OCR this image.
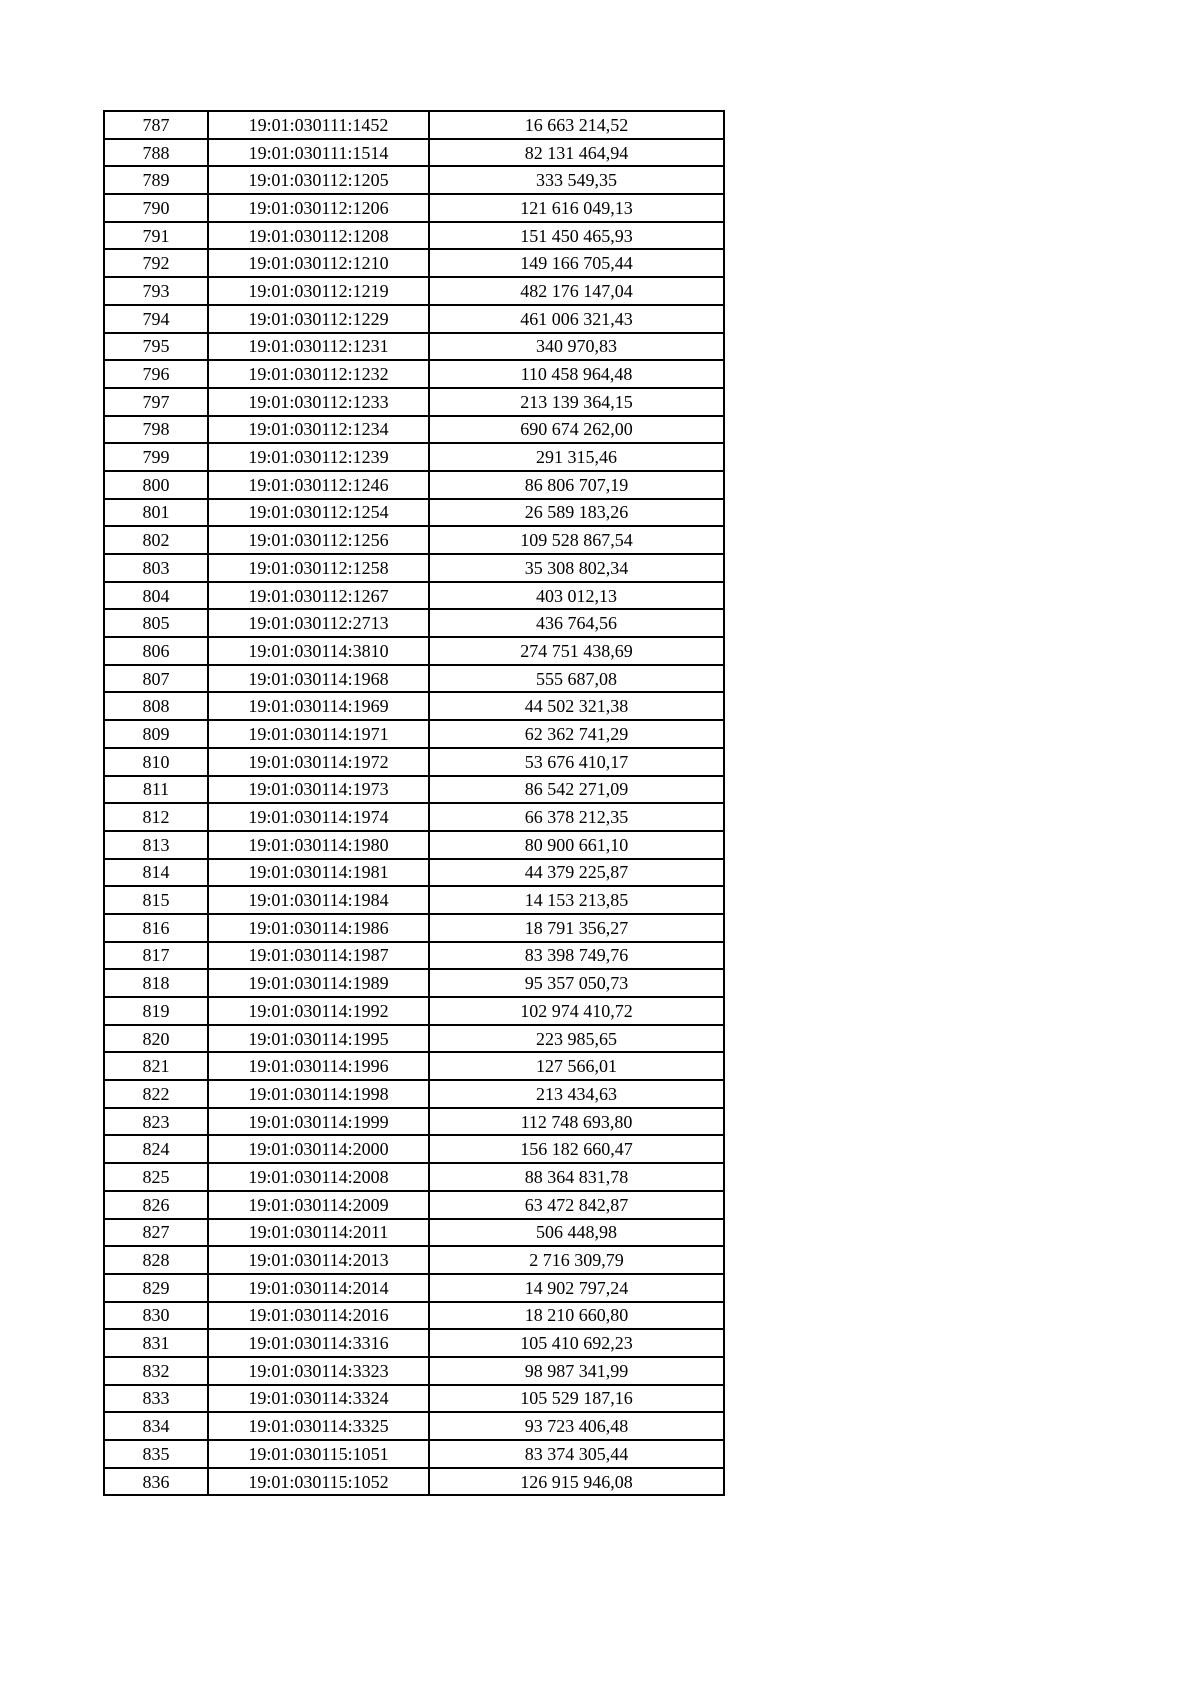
787	19:01:030111:1452	16 663 214,52
788	19:01:030111:1514	82 131 464,94
789	19:01:030112:1205	333 549,35
790	19:01:030112:1206	121 616 049,13
791	19:01:030112:1208	151 450 465,93
792	19:01:030112:1210	149 166 705,44
793	19:01:030112:1219	482 176 147,04
794	19:01:030112:1229	461 006 321,43
795	19:01:030112:1231	340 970,83
796	19:01:030112:1232	110 458 964,48
797	19:01:030112:1233	213 139 364,15
798	19:01:030112:1234	690 674 262,00
799	19:01:030112:1239	291 315,46
800	19:01:030112:1246	86 806 707,19
801	19:01:030112:1254	26 589 183,26
802	19:01:030112:1256	109 528 867,54
803	19:01:030112:1258	35 308 802,34
804	19:01:030112:1267	403 012,13
805	19:01:030112:2713	436 764,56
806	19:01:030114:3810	274 751 438,69
807	19:01:030114:1968	555 687,08
808	19:01:030114:1969	44 502 321,38
809	19:01:030114:1971	62 362 741,29
810	19:01:030114:1972	53 676 410,17
811	19:01:030114:1973	86 542 271,09
812	19:01:030114:1974	66 378 212,35
813	19:01:030114:1980	80 900 661,10
814	19:01:030114:1981	44 379 225,87
815	19:01:030114:1984	14 153 213,85
816	19:01:030114:1986	18 791 356,27
817	19:01:030114:1987	83 398 749,76
818	19:01:030114:1989	95 357 050,73
819	19:01:030114:1992	102 974 410,72
820	19:01:030114:1995	223 985,65
821	19:01:030114:1996	127 566,01
822	19:01:030114:1998	213 434,63
823	19:01:030114:1999	112 748 693,80
824	19:01:030114:2000	156 182 660,47
825	19:01:030114:2008	88 364 831,78
826	19:01:030114:2009	63 472 842,87
827	19:01:030114:2011	506 448,98
828	19:01:030114:2013	2 716 309,79
829	19:01:030114:2014	14 902 797,24
830	19:01:030114:2016	18 210 660,80
831	19:01:030114:3316	105 410 692,23
832	19:01:030114:3323	98 987 341,99
833	19:01:030114:3324	105 529 187,16
834	19:01:030114:3325	93 723 406,48
835	19:01:030115:1051	83 374 305,44
836	19:01:030115:1052	126 915 946,08
